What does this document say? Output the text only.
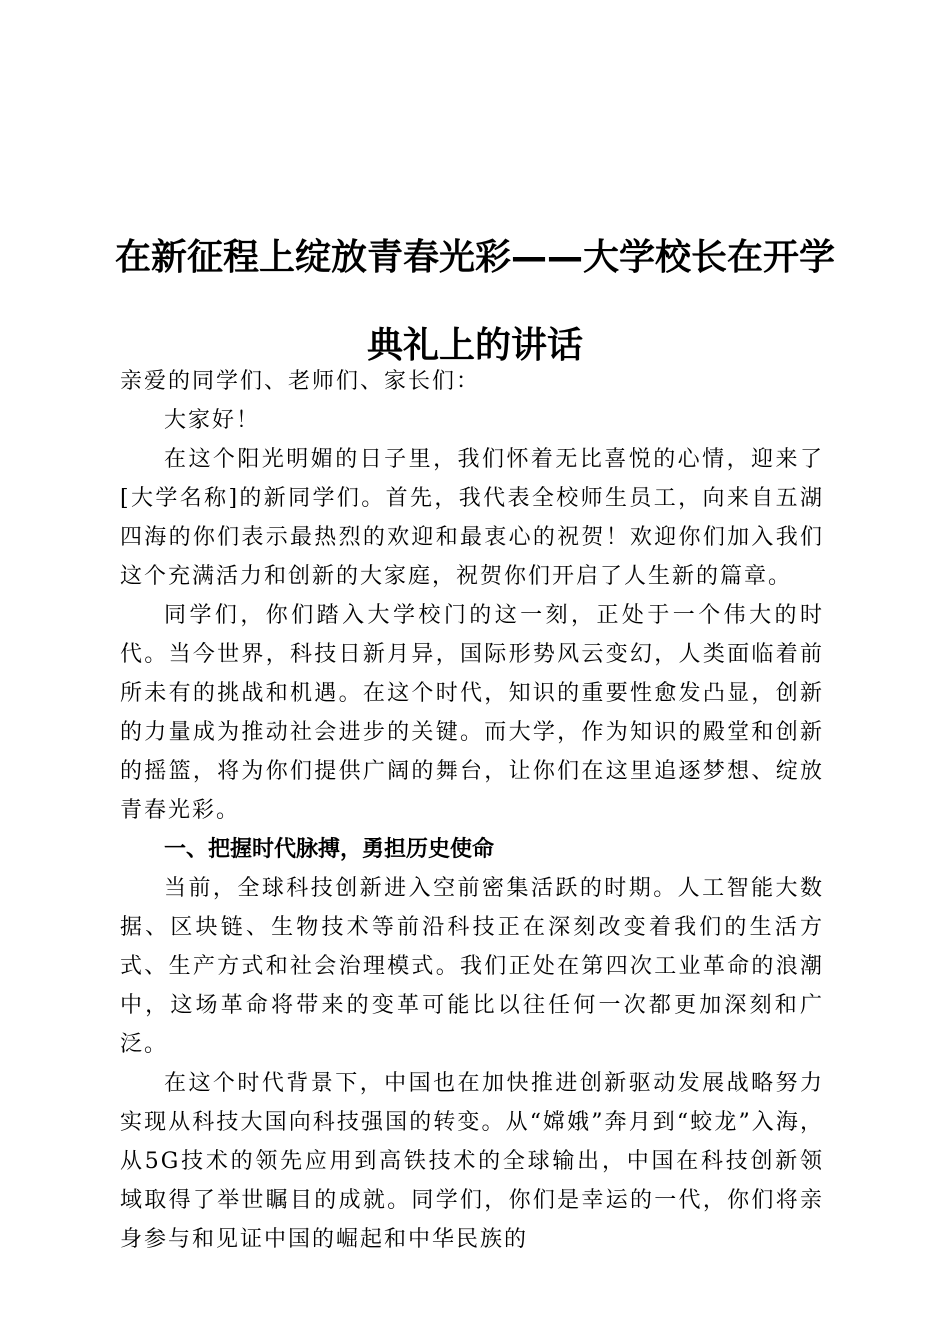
在新征程上绽放青春光彩——大学校长在开学
典礼上的讲话

亲爱的同学们、老师们、家长们：

大家好！

在这个阳光明媚的日子里，我们怀着无比喜悦的心情，迎来了[大学名称]的新同学们。首先，我代表全校师生员工，向来自五湖四海的你们表示最热烈的欢迎和最衷心的祝贺！欢迎你们加入我们这个充满活力和创新的大家庭，祝贺你们开启了人生新的篇章。

同学们，你们踏入大学校门的这一刻，正处于一个伟大的时代。当今世界，科技日新月异，国际形势风云变幻，人类面临着前所未有的挑战和机遇。在这个时代，知识的重要性愈发凸显，创新的力量成为推动社会进步的关键。而大学，作为知识的殿堂和创新的摇篮，将为你们提供广阔的舞台，让你们在这里追逐梦想、绽放青春光彩。

一、把握时代脉搏，勇担历史使命

当前，全球科技创新进入空前密集活跃的时期。人工智能大数据、区块链、生物技术等前沿科技正在深刻改变着我们的生活方式、生产方式和社会治理模式。我们正处在第四次工业革命的浪潮中，这场革命将带来的变革可能比以往任何一次都更加深刻和广泛。

在这个时代背景下，中国也在加快推进创新驱动发展战略努力实现从科技大国向科技强国的转变。从“嫦娥”奔月到“蛟龙”入海，从5G技术的领先应用到高铁技术的全球输出，中国在科技创新领域取得了举世瞩目的成就。同学们，你们是幸运的一代，你们将亲身参与和见证中国的崛起和中华民族的
